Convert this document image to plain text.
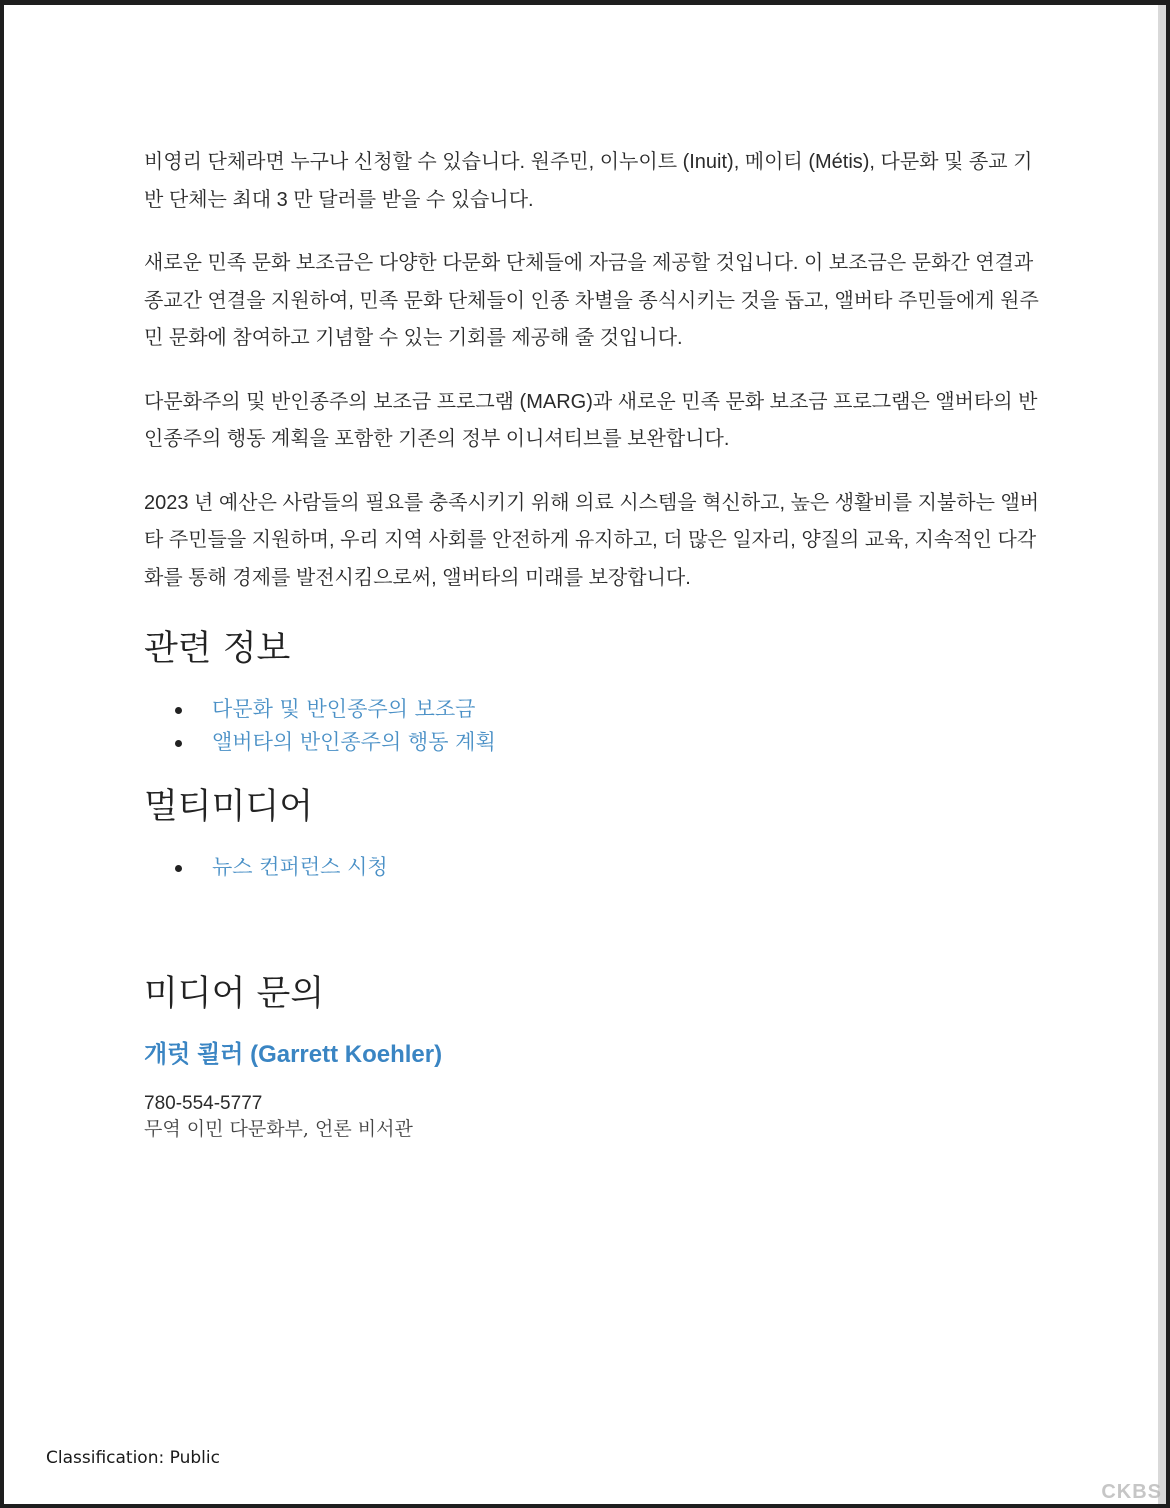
비영리 단체라면 누구나 신청할 수 있습니다. 원주민, 이누이트 (Inuit), 메이티 (Métis), 다문화 및 종교 기반 단체는 최대 3 만 달러를 받을 수 있습니다.

새로운 민족 문화 보조금은 다양한 다문화 단체들에 자금을 제공할 것입니다. 이 보조금은 문화간 연결과 종교간 연결을 지원하여, 민족 문화 단체들이 인종 차별을 종식시키는 것을 돕고, 앨버타 주민들에게 원주민 문화에 참여하고 기념할 수 있는 기회를 제공해 줄 것입니다.

다문화주의 및 반인종주의 보조금 프로그램 (MARG)과 새로운 민족 문화 보조금 프로그램은 앨버타의 반인종주의 행동 계획을 포함한 기존의 정부 이니셔티브를 보완합니다.

2023 년 예산은 사람들의 필요를 충족시키기 위해 의료 시스템을 혁신하고, 높은 생활비를 지불하는 앨버타 주민들을 지원하며, 우리 지역 사회를 안전하게 유지하고, 더 많은 일자리, 양질의 교육, 지속적인 다각화를 통해 경제를 발전시킴으로써, 앨버타의 미래를 보장합니다.

관련 정보
다문화 및 반인종주의 보조금
앨버타의 반인종주의 행동 계획
멀티미디어
뉴스 컨퍼런스 시청
미디어 문의

개럿 쾰러 (Garrett Koehler)

780-554-5777

무역 이민 다문화부, 언론 비서관

Classification: Public
CKBS
